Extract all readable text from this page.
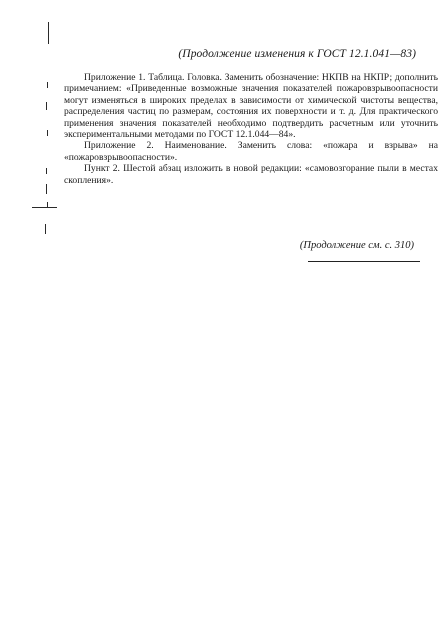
(Продолжение изменения к ГОСТ 12.1.041—83)

Приложение 1. Таблица. Головка. Заменить обозначение: НКПВ на НКПР; дополнить примечанием: «Приведенные возможные значения показателей пожаровзрывоопасности могут изменяться в широких пределах в зависимости от химической чистоты вещества, распределения частиц по размерам, состояния их поверхности и т. д. Для практического применения значения показателей необходимо подтвердить расчетным или уточнить экспериментальными методами по ГОСТ 12.1.044—84».

Приложение 2. Наименование. Заменить слова: «пожара и взрыва» на «пожаровзрывоопасности».

Пункт 2. Шестой абзац изложить в новой редакции: «самовозгорание пыли в местах скопления».

(Продолжение см. с. 310)
